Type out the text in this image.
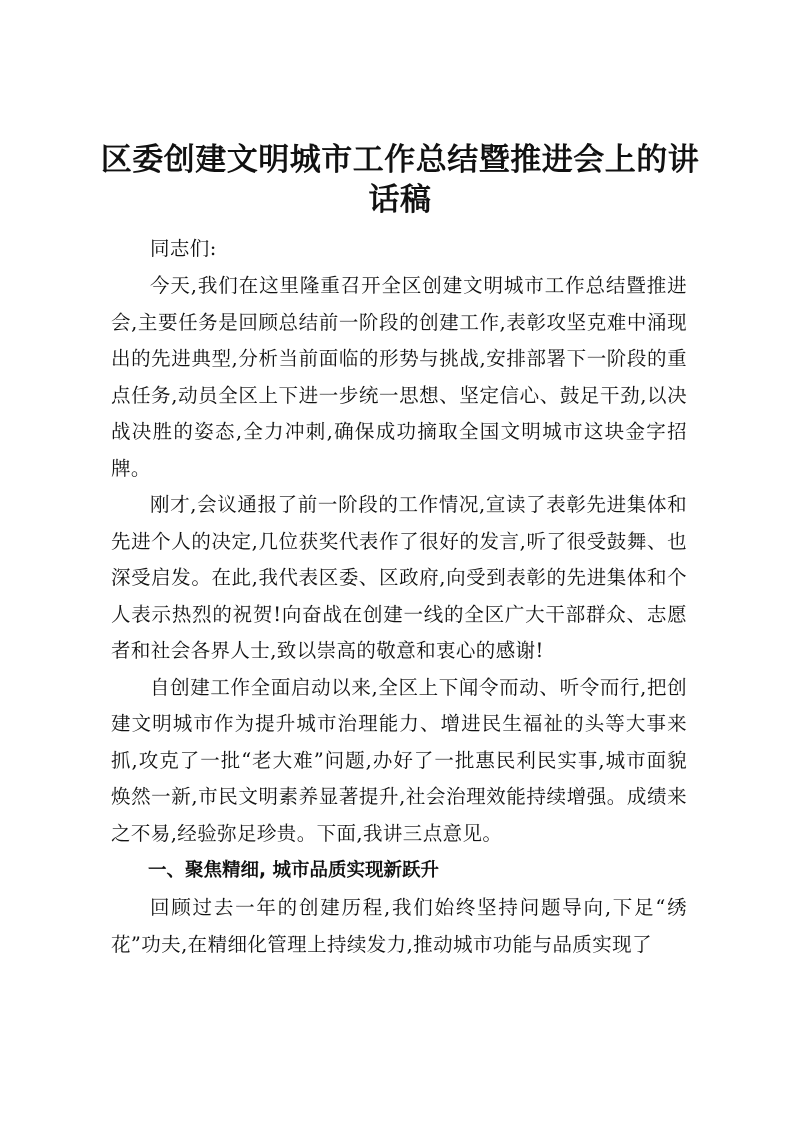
区委创建文明城市工作总结暨推进会上的讲话稿

同志们:

今天,我们在这里隆重召开全区创建文明城市工作总结暨推进会,主要任务是回顾总结前一阶段的创建工作,表彰攻坚克难中涌现出的先进典型,分析当前面临的形势与挑战,安排部署下一阶段的重点任务,动员全区上下进一步统一思想、坚定信心、鼓足干劲,以决战决胜的姿态,全力冲刺,确保成功摘取全国文明城市这块金字招牌。

刚才,会议通报了前一阶段的工作情况,宣读了表彰先进集体和先进个人的决定,几位获奖代表作了很好的发言,听了很受鼓舞、也深受启发。在此,我代表区委、区政府,向受到表彰的先进集体和个人表示热烈的祝贺!向奋战在创建一线的全区广大干部群众、志愿者和社会各界人士,致以崇高的敬意和衷心的感谢!

自创建工作全面启动以来,全区上下闻令而动、听令而行,把创建文明城市作为提升城市治理能力、增进民生福祉的头等大事来抓,攻克了一批“老大难”问题,办好了一批惠民利民实事,城市面貌焕然一新,市民文明素养显著提升,社会治理效能持续增强。成绩来之不易,经验弥足珍贵。下面,我讲三点意见。

一、聚焦精细, 城市品质实现新跃升

回顾过去一年的创建历程,我们始终坚持问题导向,下足“绣花”功夫,在精细化管理上持续发力,推动城市功能与品质实现了
